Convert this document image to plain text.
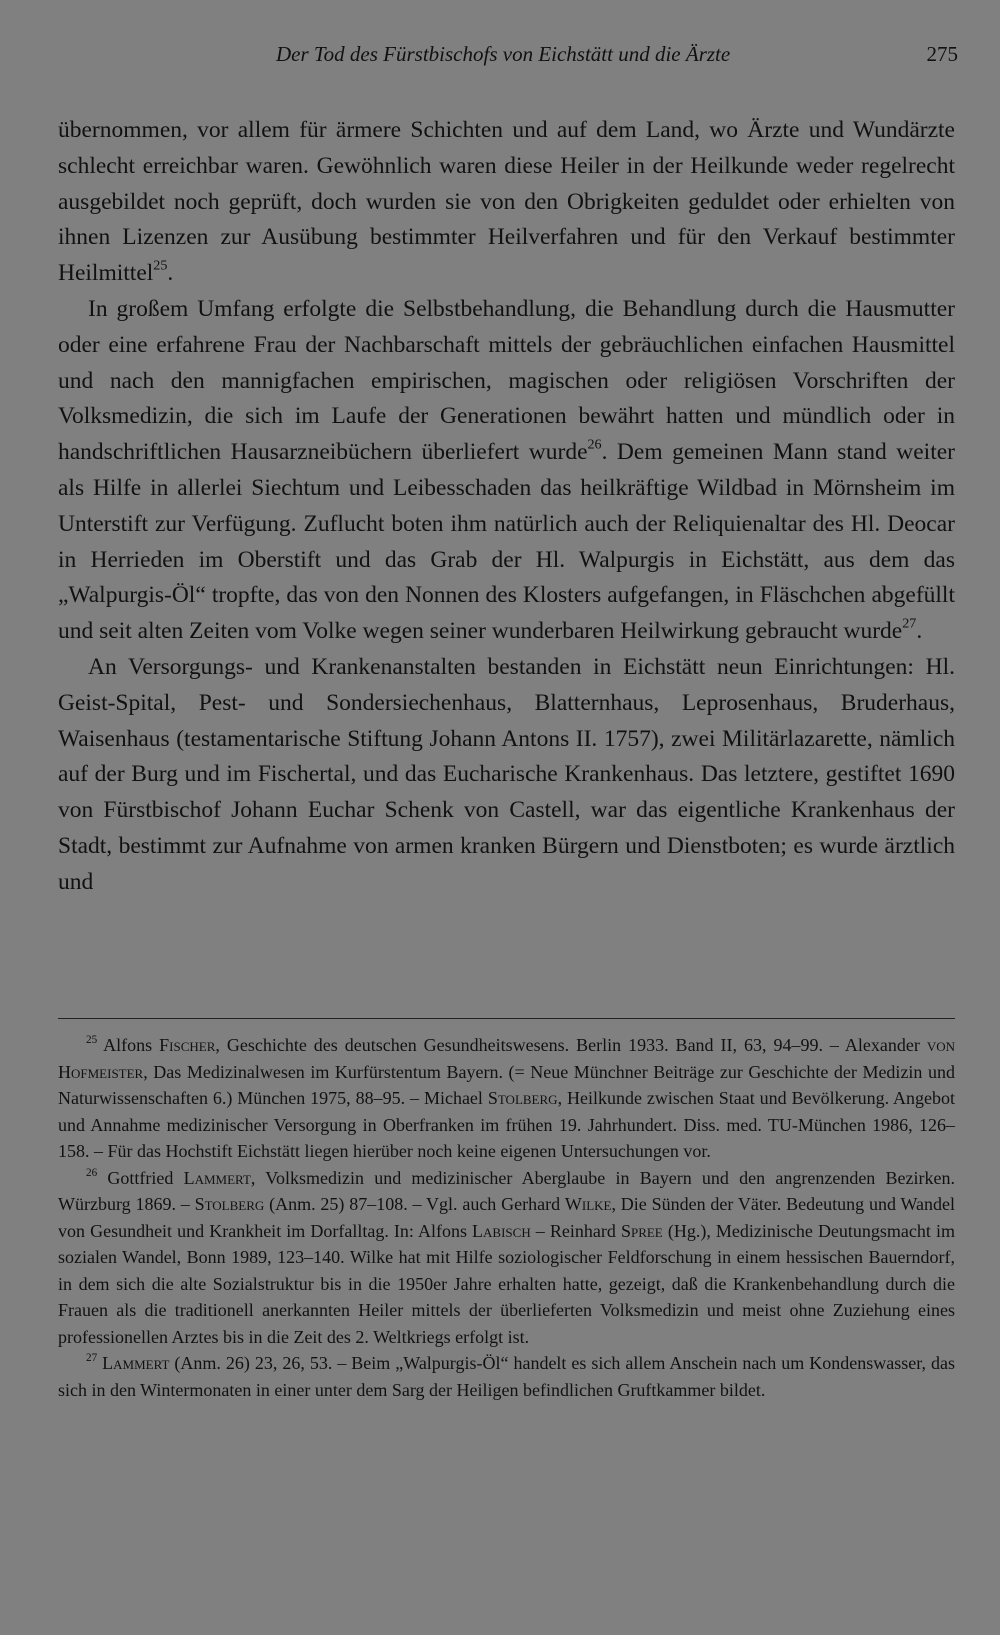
Der Tod des Fürstbischofs von Eichstätt und die Ärzte	275

übernommen, vor allem für ärmere Schichten und auf dem Land, wo Ärzte und Wundärzte schlecht erreichbar waren. Gewöhnlich waren diese Heiler in der Heilkunde weder regelrecht ausgebildet noch geprüft, doch wurden sie von den Obrigkeiten geduldet oder erhielten von ihnen Lizenzen zur Ausübung bestimmter Heilverfahren und für den Verkauf bestimmter Heilmittel$^{25}$.

In großem Umfang erfolgte die Selbstbehandlung, die Behandlung durch die Hausmutter oder eine erfahrene Frau der Nachbarschaft mittels der gebräuchlichen einfachen Hausmittel und nach den mannigfachen empirischen, magischen oder religiösen Vorschriften der Volksmedizin, die sich im Laufe der Generationen bewährt hatten und mündlich oder in handschriftlichen Hausarzneibüchern überliefert wurde$^{26}$. Dem gemeinen Mann stand weiter als Hilfe in allerlei Siechtum und Leibesschaden das heilkräftige Wildbad in Mörnsheim im Unterstift zur Verfügung. Zuflucht boten ihm natürlich auch der Reliquienaltar des Hl. Deocar in Herrieden im Oberstift und das Grab der Hl. Walpurgis in Eichstätt, aus dem das „Walpurgis-Öl“ tropfte, das von den Nonnen des Klosters aufgefangen, in Fläschchen abgefüllt und seit alten Zeiten vom Volke wegen seiner wunderbaren Heilwirkung gebraucht wurde$^{27}$.

An Versorgungs- und Krankenanstalten bestanden in Eichstätt neun Einrichtungen: Hl. Geist-Spital, Pest- und Sondersiechenhaus, Blatternhaus, Leprosenhaus, Bruderhaus, Waisenhaus (testamentarische Stiftung Johann Antons II. 1757), zwei Militärlazarette, nämlich auf der Burg und im Fischertal, und das Eucharische Krankenhaus. Das letztere, gestiftet 1690 von Fürstbischof Johann Euchar Schenk von Castell, war das eigentliche Krankenhaus der Stadt, bestimmt zur Aufnahme von armen kranken Bürgern und Dienstboten; es wurde ärztlich und

$^{25}$ Alfons Fischer, Geschichte des deutschen Gesundheitswesens. Berlin 1933. Band II, 63, 94–99. – Alexander von Hofmeister, Das Medizinalwesen im Kurfürstentum Bayern. (= Neue Münchner Beiträge zur Geschichte der Medizin und Naturwissenschaften 6.) München 1975, 88–95. – Michael Stolberg, Heilkunde zwischen Staat und Bevölkerung. Angebot und Annahme medizinischer Versorgung in Oberfranken im frühen 19. Jahrhundert. Diss. med. TU-München 1986, 126–158. – Für das Hochstift Eichstätt liegen hierüber noch keine eigenen Untersuchungen vor.

$^{26}$ Gottfried Lammert, Volksmedizin und medizinischer Aberglaube in Bayern und den angrenzenden Bezirken. Würzburg 1869. – Stolberg (Anm. 25) 87–108. – Vgl. auch Gerhard Wilke, Die Sünden der Väter. Bedeutung und Wandel von Gesundheit und Krankheit im Dorfalltag. In: Alfons Labisch – Reinhard Spree (Hg.), Medizinische Deutungsmacht im sozialen Wandel, Bonn 1989, 123–140. Wilke hat mit Hilfe soziologischer Feldforschung in einem hessischen Bauerndorf, in dem sich die alte Sozialstruktur bis in die 1950er Jahre erhalten hatte, gezeigt, daß die Krankenbehandlung durch die Frauen als die traditionell anerkannten Heiler mittels der überlieferten Volksmedizin und meist ohne Zuziehung eines professionellen Arztes bis in die Zeit des 2. Weltkriegs erfolgt ist.

$^{27}$ Lammert (Anm. 26) 23, 26, 53. – Beim „Walpurgis-Öl“ handelt es sich allem Anschein nach um Kondenswasser, das sich in den Wintermonaten in einer unter dem Sarg der Heiligen befindlichen Gruftkammer bildet.
